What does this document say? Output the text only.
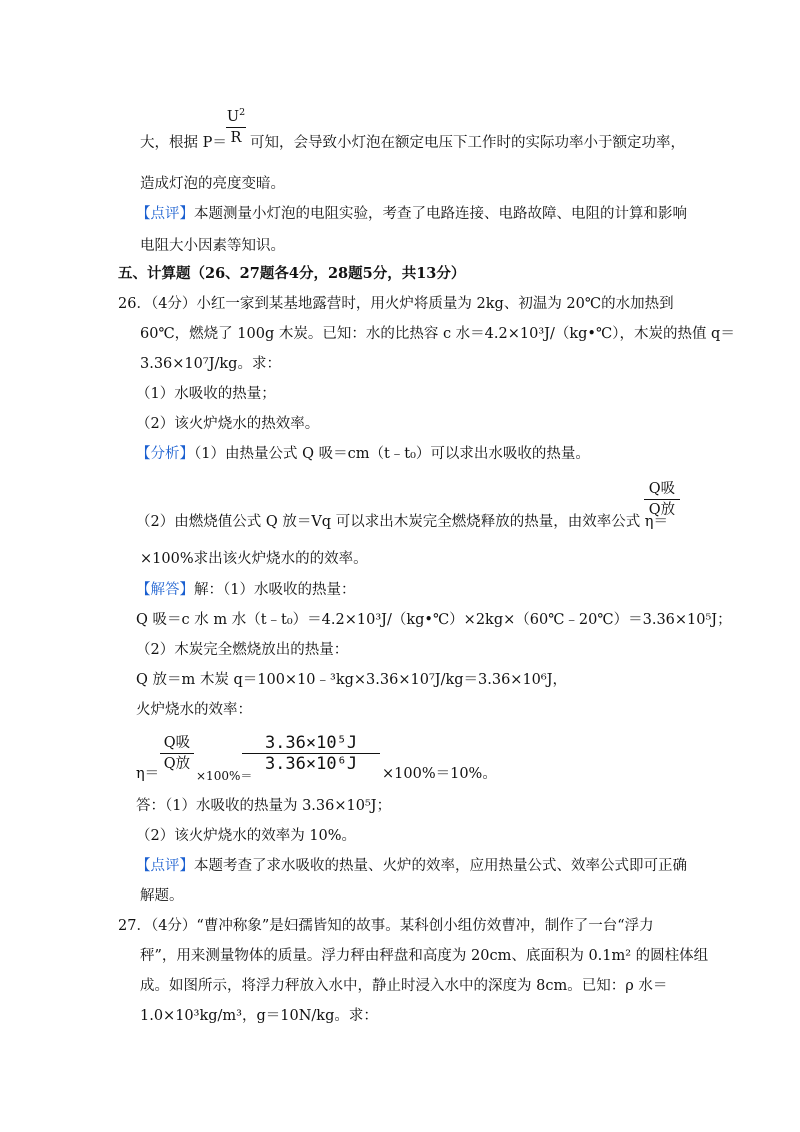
大，根据 P＝
$U^2$
R 可知，会导致小灯泡在额定电压下工作时的实际功率小于额定功率，
造成灯泡的亮度变暗。
【点评】本题测量小灯泡的电阻实验，考查了电路连接、电路故障、电阻的计算和影响
电阻大小因素等知识。
五、计算题（26、27题各4分，28题5分，共13分）
26．（4分）小红一家到某基地露营时，用火炉将质量为 2kg、初温为 20℃的水加热到
60℃，燃烧了 100g 木炭。已知：水的比热容 c 水＝4.2×10³J/（kg•℃），木炭的热值 q＝
3.36×10⁷J/kg。求：
（1）水吸收的热量；
（2）该火炉烧水的热效率。
【分析】（1）由热量公式 Q 吸＝cm（t﹣t₀）可以求出水吸收的热量。
（2）由燃烧值公式 Q 放＝Vq 可以求出木炭完全燃烧释放的热量，由效率公式 η＝
Q吸
Q放
×100%求出该火炉烧水的的效率。
【解答】解：（1）水吸收的热量：
Q 吸＝c 水 m 水（t﹣t₀）＝4.2×10³J/（kg•℃）×2kg×（60℃﹣20℃）＝3.36×10⁵J；
（2）木炭完全燃烧放出的热量：
Q 放＝m 木炭 q＝100×10﹣³kg×3.36×10⁷J/kg＝3.36×10⁶J，
火炉烧水的效率：
η＝
Q吸
Q放
×100%＝
3.36×10⁵J
3.36×10⁶J	×100%＝10%。
答：（1）水吸收的热量为 3.36×10⁵J；
（2）该火炉烧水的效率为 10%。
【点评】本题考查了求水吸收的热量、火炉的效率，应用热量公式、效率公式即可正确
解题。
27．（4分）“曹冲称象”是妇孺皆知的故事。某科创小组仿效曹冲，制作了一台“浮力
秤”，用来测量物体的质量。浮力秤由秤盘和高度为 20cm、底面积为 0.1m² 的圆柱体组
成。如图所示，将浮力秤放入水中，静止时浸入水中的深度为 8cm。已知：ρ 水＝
1.0×10³kg/m³，g＝10N/kg。求：
